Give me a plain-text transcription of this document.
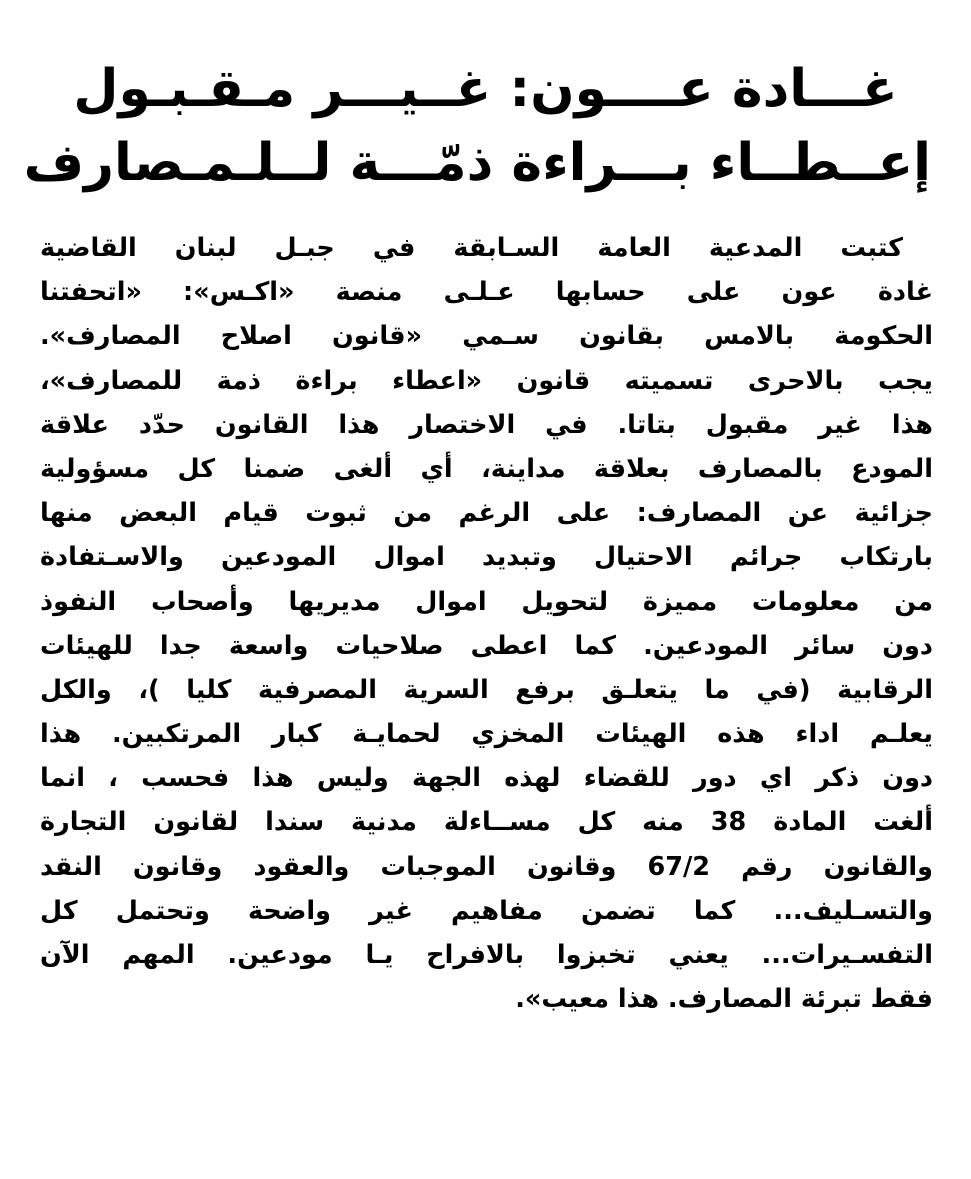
غـــادة عــــون: غــيـــر مـقـبـول
إعــطــاء بـــراءة ذمّـــة لــلـمـصارف
كتبت المدعية العامة السـابقة في جبـل لبنان القاضية
غادة عون على حسابها عـلـى منصة «اكـس»: «اتحفتنا
الحكومة بالامس بقانون سـمي «قانون اصلاح المصارف».
يجب بالاحرى تسميته قانون «اعطاء براءة ذمة للمصارف»،
هذا غير مقبول بتاتا. في الاختصار هذا القانون حدّد علاقة
المودع بالمصارف بعلاقة مداينة، أي ألغى ضمنا كل مسؤولية
جزائية عن المصارف: على الرغم من ثبوت قيام البعض منها
بارتكاب جرائم الاحتيال وتبديد اموال المودعين والاسـتفادة
من معلومات مميزة لتحويل اموال مديريها وأصحاب النفوذ
دون سائر المودعين. كما اعطى صلاحيات واسعة جدا للهيئات
الرقابية (في ما يتعلـق برفع السرية المصرفية كليا )، والكل
يعلـم اداء هذه الهيئات المخزي لحمايـة كبار المرتكبين. هذا
دون ذكر اي دور للقضاء لهذه الجهة وليس هذا فحسب ، انما
ألغت المادة 38 منه كل مســاءلة مدنية سندا لقانون التجارة
والقانون رقم 67/2 وقانون الموجبات والعقود وقانون النقد
والتسـليف... كما تضمن مفاهيم غير واضحة وتحتمل كل
التفسـيرات... يعني تخبزوا بالافراح يـا مودعين. المهم الآن
فقط تبرئة المصارف. هذا معيب».
